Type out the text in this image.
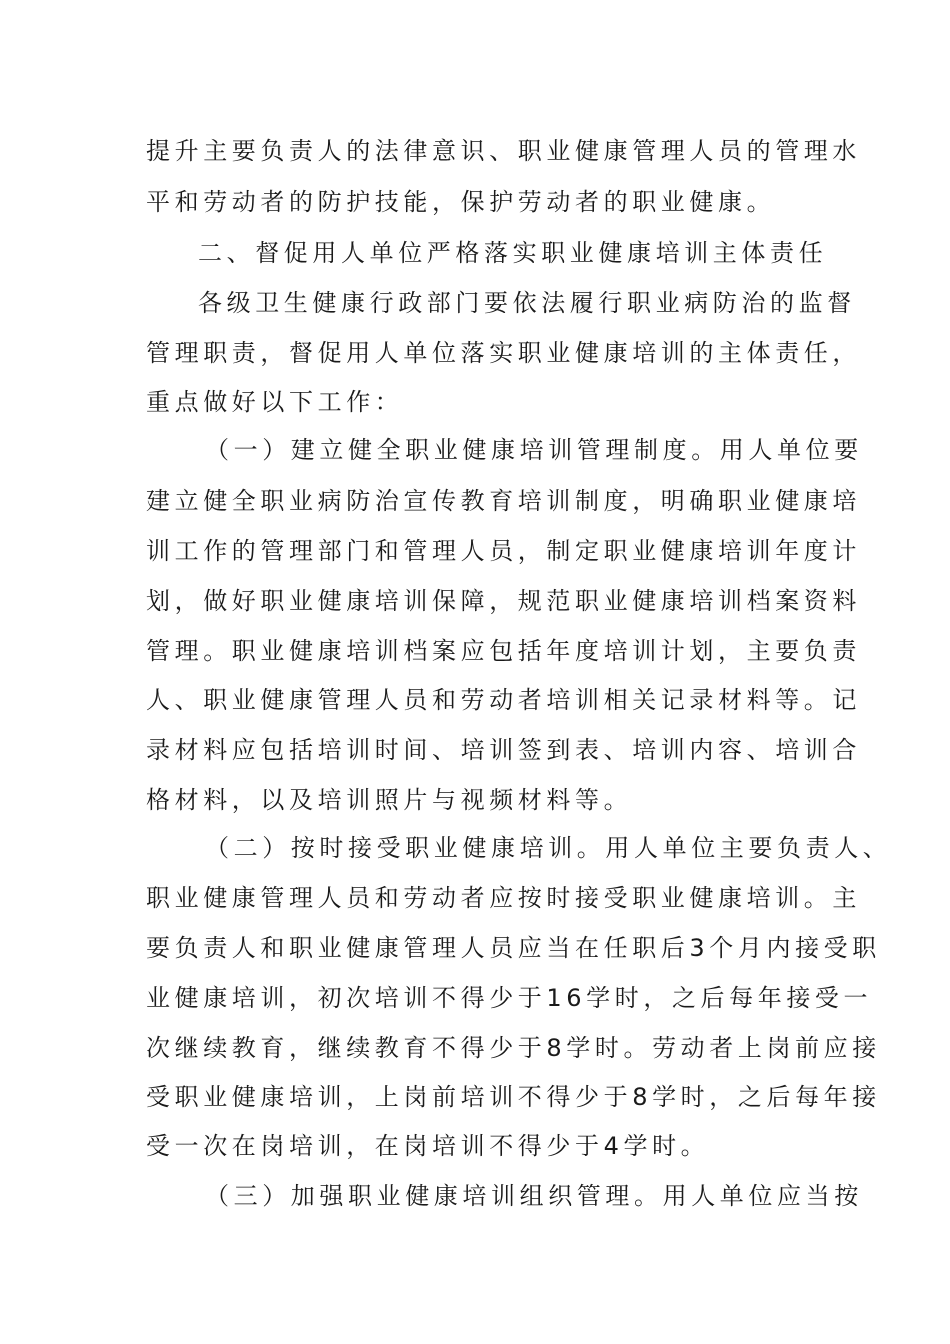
提升主要负责人的法律意识、职业健康管理人员的管理水
平和劳动者的防护技能，保护劳动者的职业健康。
二、督促用人单位严格落实职业健康培训主体责任
各级卫生健康行政部门要依法履行职业病防治的监督
管理职责，督促用人单位落实职业健康培训的主体责任，
重点做好以下工作：
（一）建立健全职业健康培训管理制度。用人单位要
建立健全职业病防治宣传教育培训制度，明确职业健康培
训工作的管理部门和管理人员，制定职业健康培训年度计
划，做好职业健康培训保障，规范职业健康培训档案资料
管理。职业健康培训档案应包括年度培训计划，主要负责
人、职业健康管理人员和劳动者培训相关记录材料等。记
录材料应包括培训时间、培训签到表、培训内容、培训合
格材料，以及培训照片与视频材料等。
（二）按时接受职业健康培训。用人单位主要负责人、
职业健康管理人员和劳动者应按时接受职业健康培训。主
要负责人和职业健康管理人员应当在任职后3个月内接受职
业健康培训，初次培训不得少于16学时，之后每年接受一
次继续教育，继续教育不得少于8学时。劳动者上岗前应接
受职业健康培训，上岗前培训不得少于8学时，之后每年接
受一次在岗培训，在岗培训不得少于4学时。
（三）加强职业健康培训组织管理。用人单位应当按
